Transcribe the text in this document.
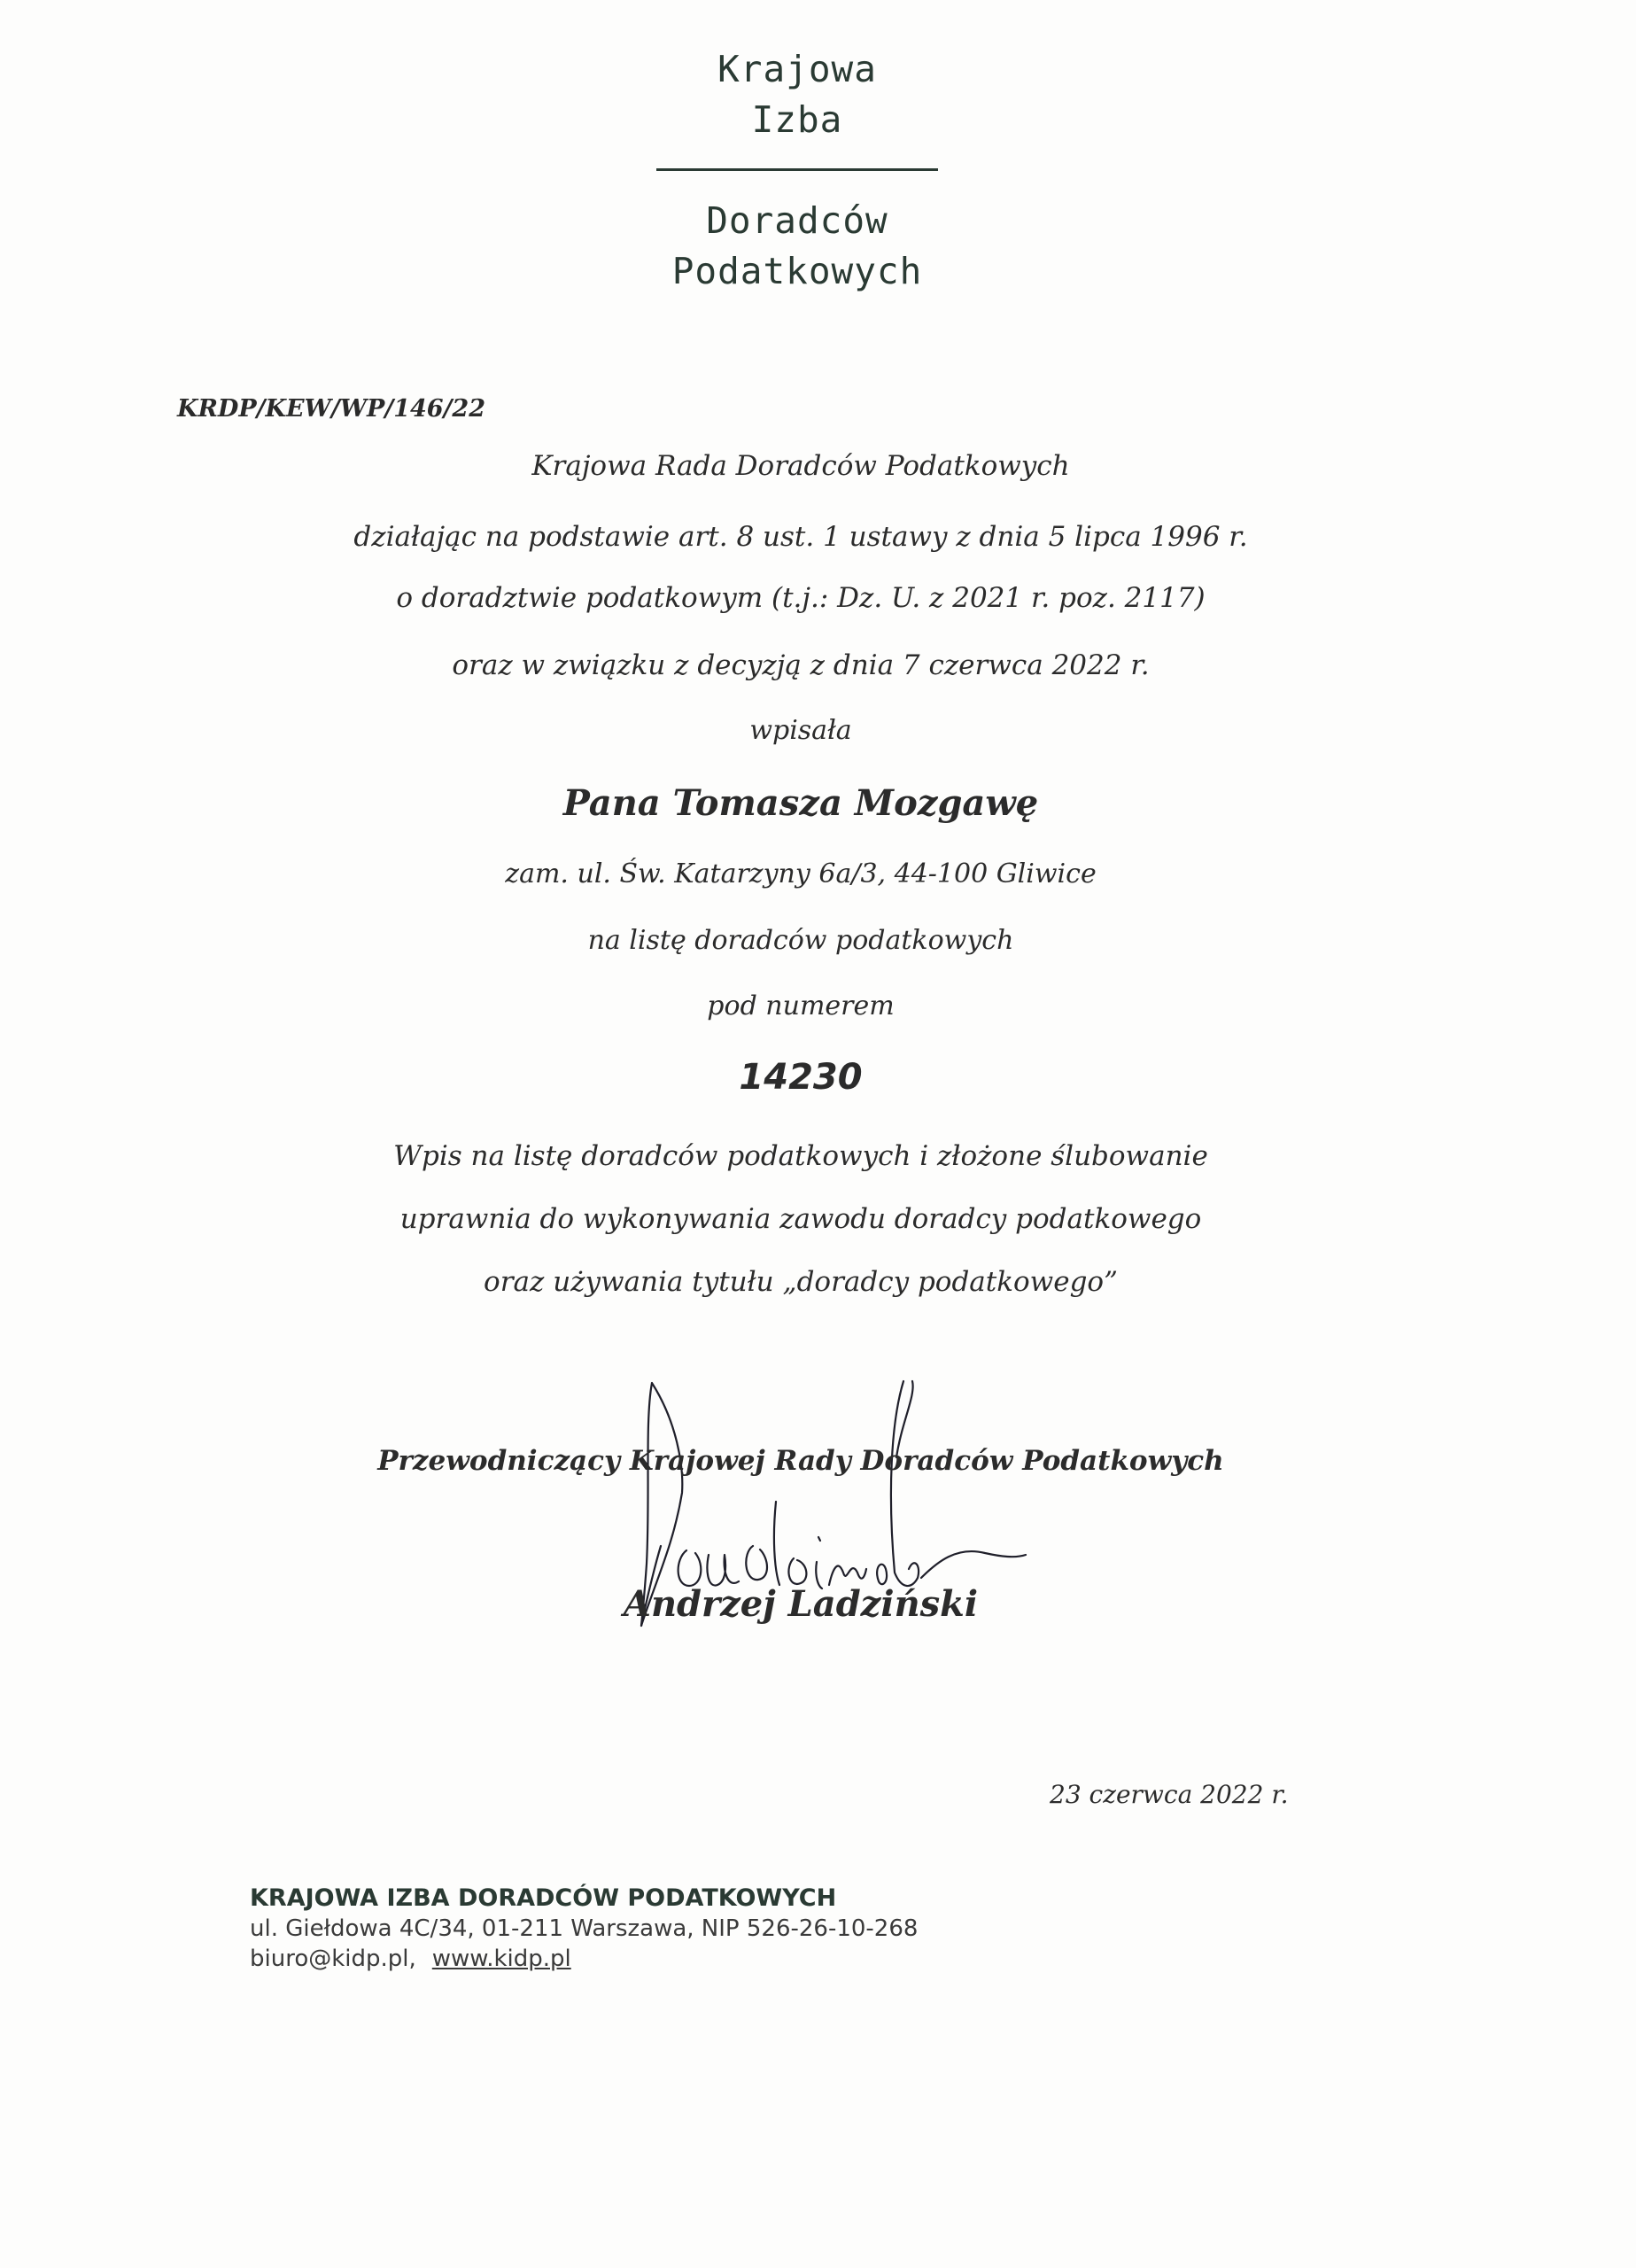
Krajowa
Izba
Doradców
Podatkowych
KRDP/KEW/WP/146/22
Krajowa Rada Doradców Podatkowych
działając na podstawie art. 8 ust. 1 ustawy z dnia 5 lipca 1996 r.
o doradztwie podatkowym (t.j.: Dz. U. z 2021 r. poz. 2117)
oraz w związku z decyzją z dnia 7 czerwca 2022 r.
wpisała
Pana Tomasza Mozgawę
zam. ul. Św. Katarzyny 6a/3, 44-100 Gliwice
na listę doradców podatkowych
pod numerem
14230
Wpis na listę doradców podatkowych i złożone ślubowanie
uprawnia do wykonywania zawodu doradcy podatkowego
oraz używania tytułu „doradcy podatkowego”
Przewodniczący Krajowej Rady Doradców Podatkowych
Andrzej Ladziński
23 czerwca 2022 r.
KRAJOWA IZBA DORADCÓW PODATKOWYCH
ul. Giełdowa 4C/34, 01-211 Warszawa, NIP 526-26-10-268
biuro@kidp.pl, www.kidp.pl
